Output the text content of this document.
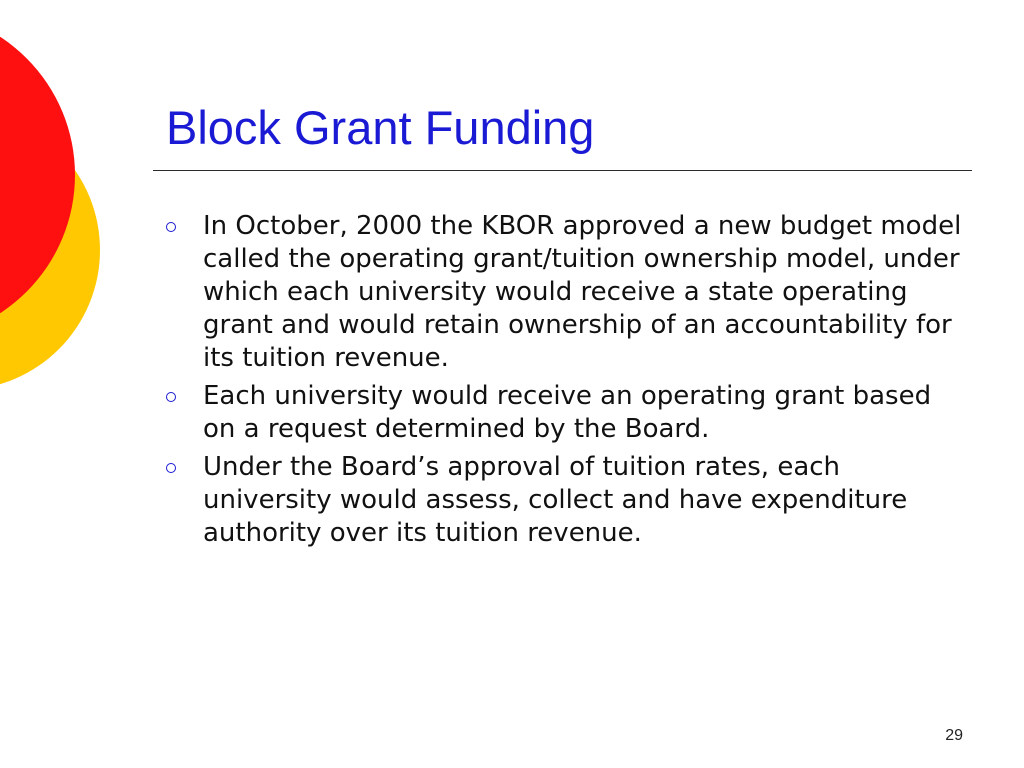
Block Grant Funding
In October, 2000 the KBOR approved a new budget model called the operating grant/tuition ownership model, under which each university would receive a state operating grant and would retain ownership of an accountability for its tuition revenue.
Each university would receive an operating grant based on a request determined by the Board.
Under the Board’s approval of tuition rates, each university would assess, collect and have expenditure authority over its tuition revenue.
29
